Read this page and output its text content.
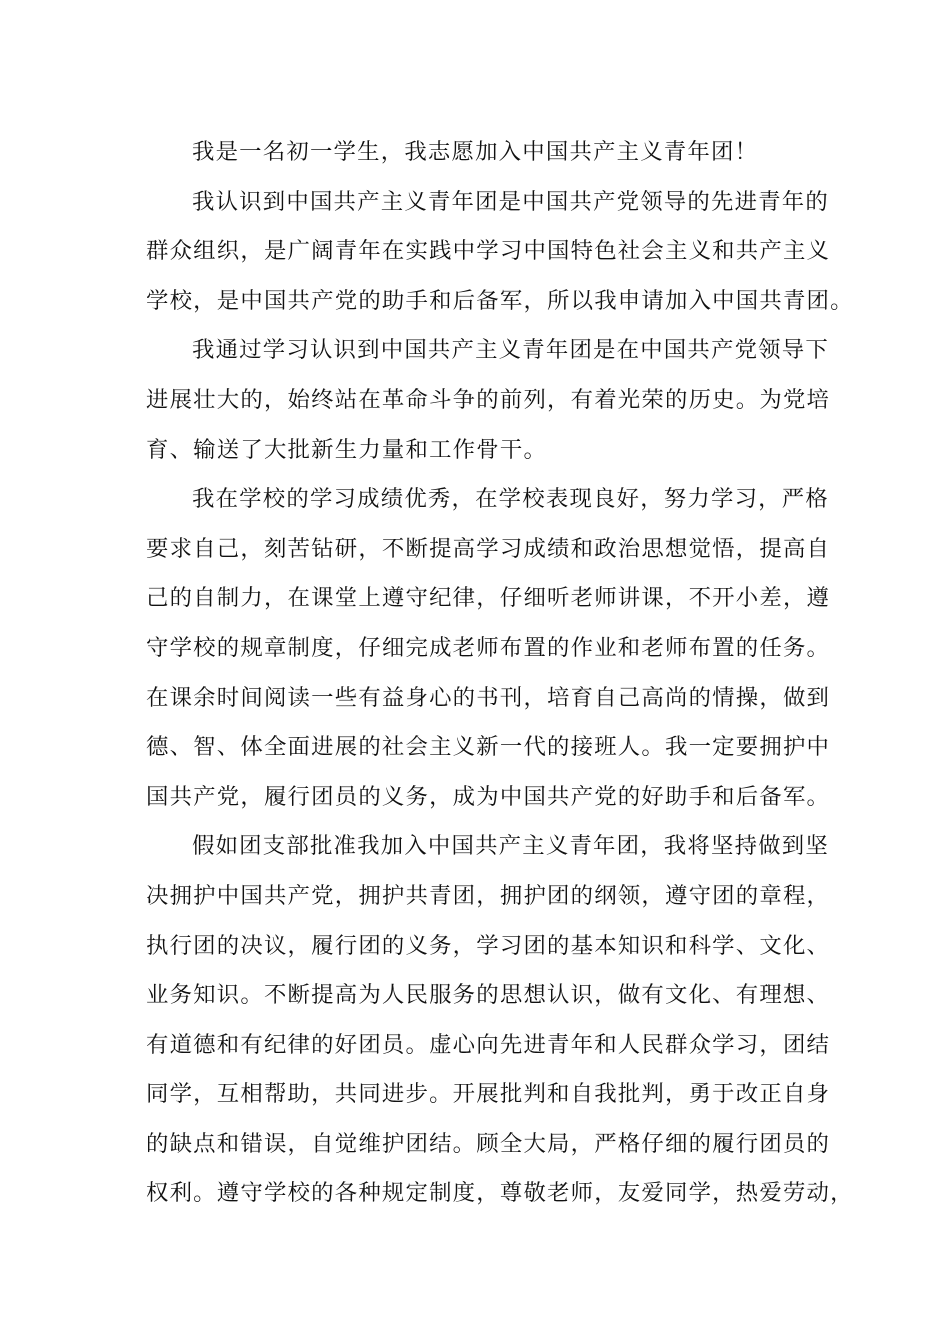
我是一名初一学生，我志愿加入中国共产主义青年团！
我认识到中国共产主义青年团是中国共产党领导的先进青年的
群众组织，是广阔青年在实践中学习中国特色社会主义和共产主义
学校，是中国共产党的助手和后备军，所以我申请加入中国共青团。
我通过学习认识到中国共产主义青年团是在中国共产党领导下
进展壮大的，始终站在革命斗争的前列，有着光荣的历史。为党培
育、输送了大批新生力量和工作骨干。
我在学校的学习成绩优秀，在学校表现良好，努力学习，严格
要求自己，刻苦钻研，不断提高学习成绩和政治思想觉悟，提高自
己的自制力，在课堂上遵守纪律，仔细听老师讲课，不开小差，遵
守学校的规章制度，仔细完成老师布置的作业和老师布置的任务。
在课余时间阅读一些有益身心的书刊，培育自己高尚的情操，做到
德、智、体全面进展的社会主义新一代的接班人。我一定要拥护中
国共产党，履行团员的义务，成为中国共产党的好助手和后备军。
假如团支部批准我加入中国共产主义青年团，我将坚持做到坚
决拥护中国共产党，拥护共青团，拥护团的纲领，遵守团的章程，
执行团的决议，履行团的义务，学习团的基本知识和科学、文化、
业务知识。不断提高为人民服务的思想认识，做有文化、有理想、
有道德和有纪律的好团员。虚心向先进青年和人民群众学习，团结
同学，互相帮助，共同进步。开展批判和自我批判，勇于改正自身
的缺点和错误，自觉维护团结。顾全大局，严格仔细的履行团员的
权利。遵守学校的各种规定制度，尊敬老师，友爱同学，热爱劳动，
